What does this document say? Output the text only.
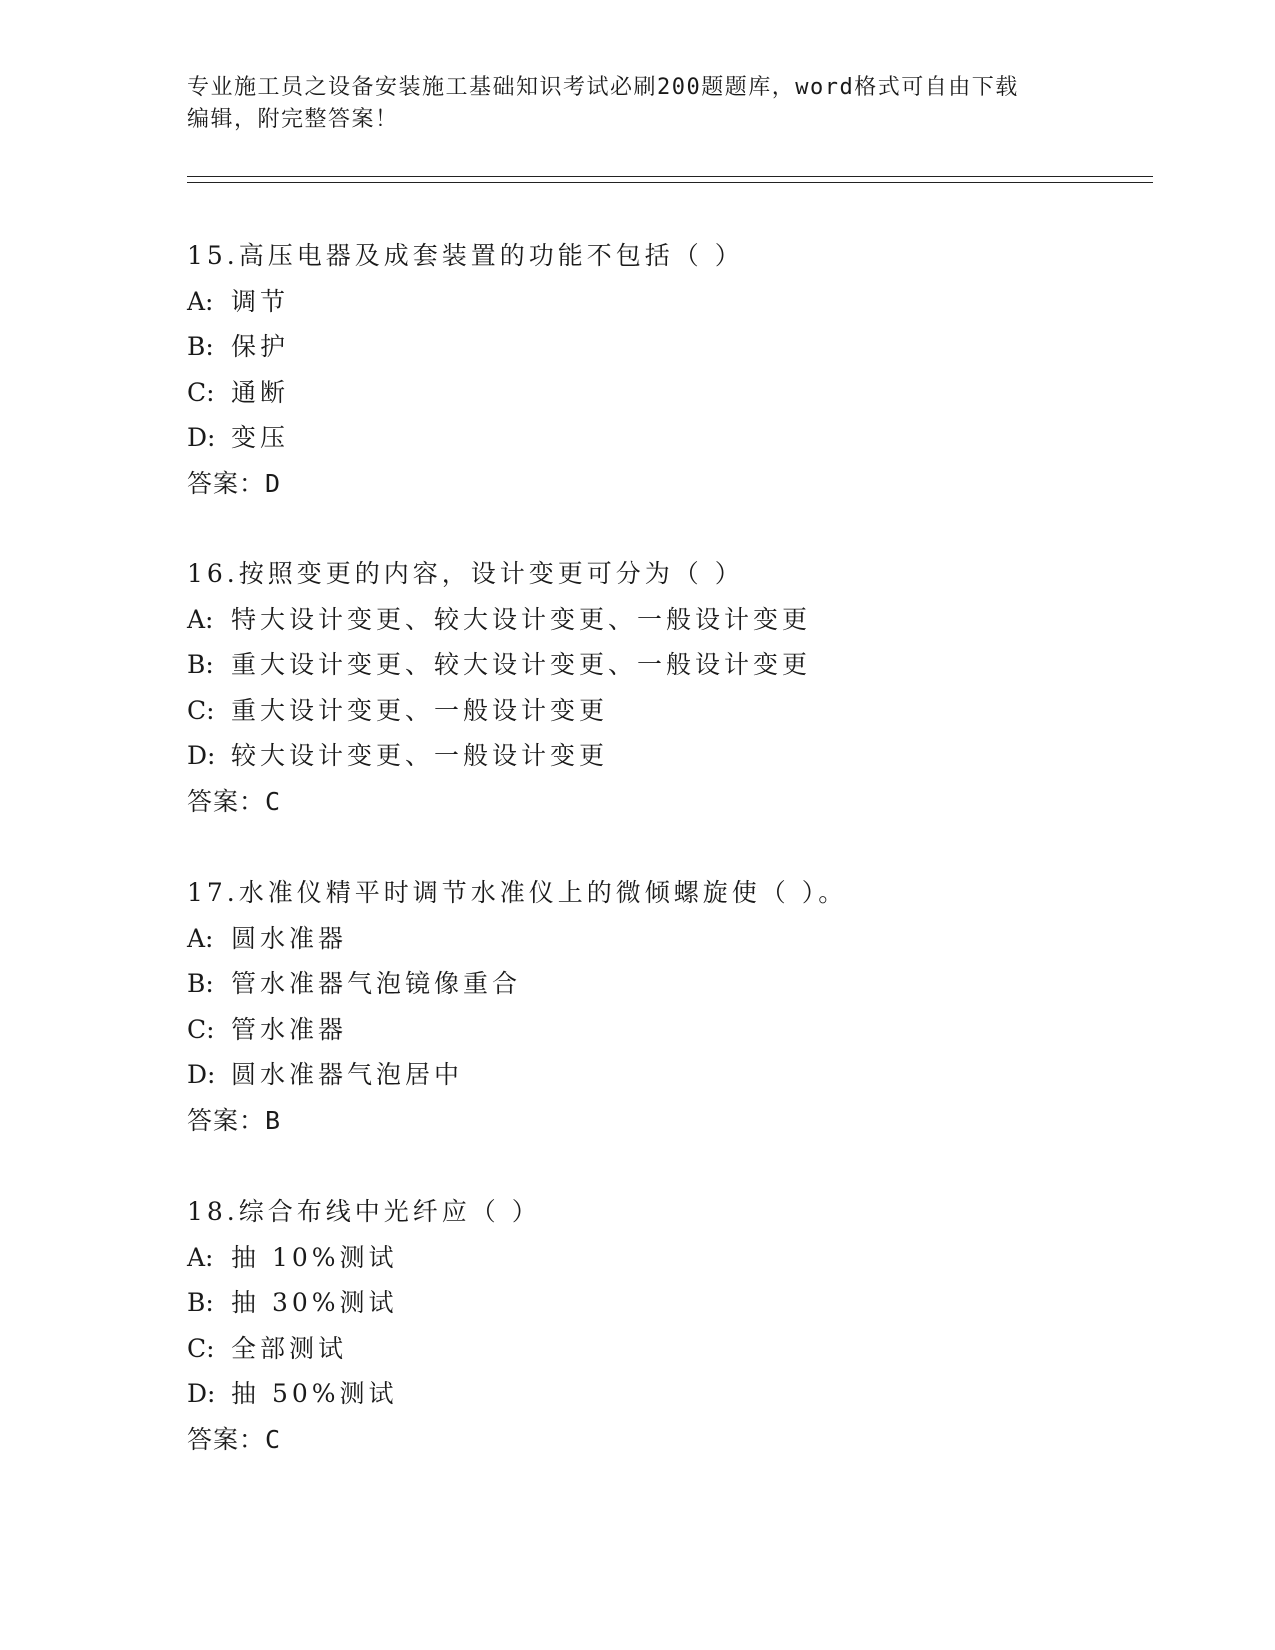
专业施工员之设备安装施工基础知识考试必刷200题题库，word格式可自由下载
编辑，附完整答案！
15.高压电器及成套装置的功能不包括（ ）
A: 调节
B: 保护
C: 通断
D: 变压
答案：D
16.按照变更的内容，设计变更可分为（ ）
A: 特大设计变更、较大设计变更、一般设计变更
B: 重大设计变更、较大设计变更、一般设计变更
C: 重大设计变更、一般设计变更
D: 较大设计变更、一般设计变更
答案：C
17.水准仪精平时调节水准仪上的微倾螺旋使（ ）。
A: 圆水准器
B: 管水准器气泡镜像重合
C: 管水准器
D: 圆水准器气泡居中
答案：B
18.综合布线中光纤应（ ）
A: 抽 10%测试
B: 抽 30%测试
C: 全部测试
D: 抽 50%测试
答案：C
